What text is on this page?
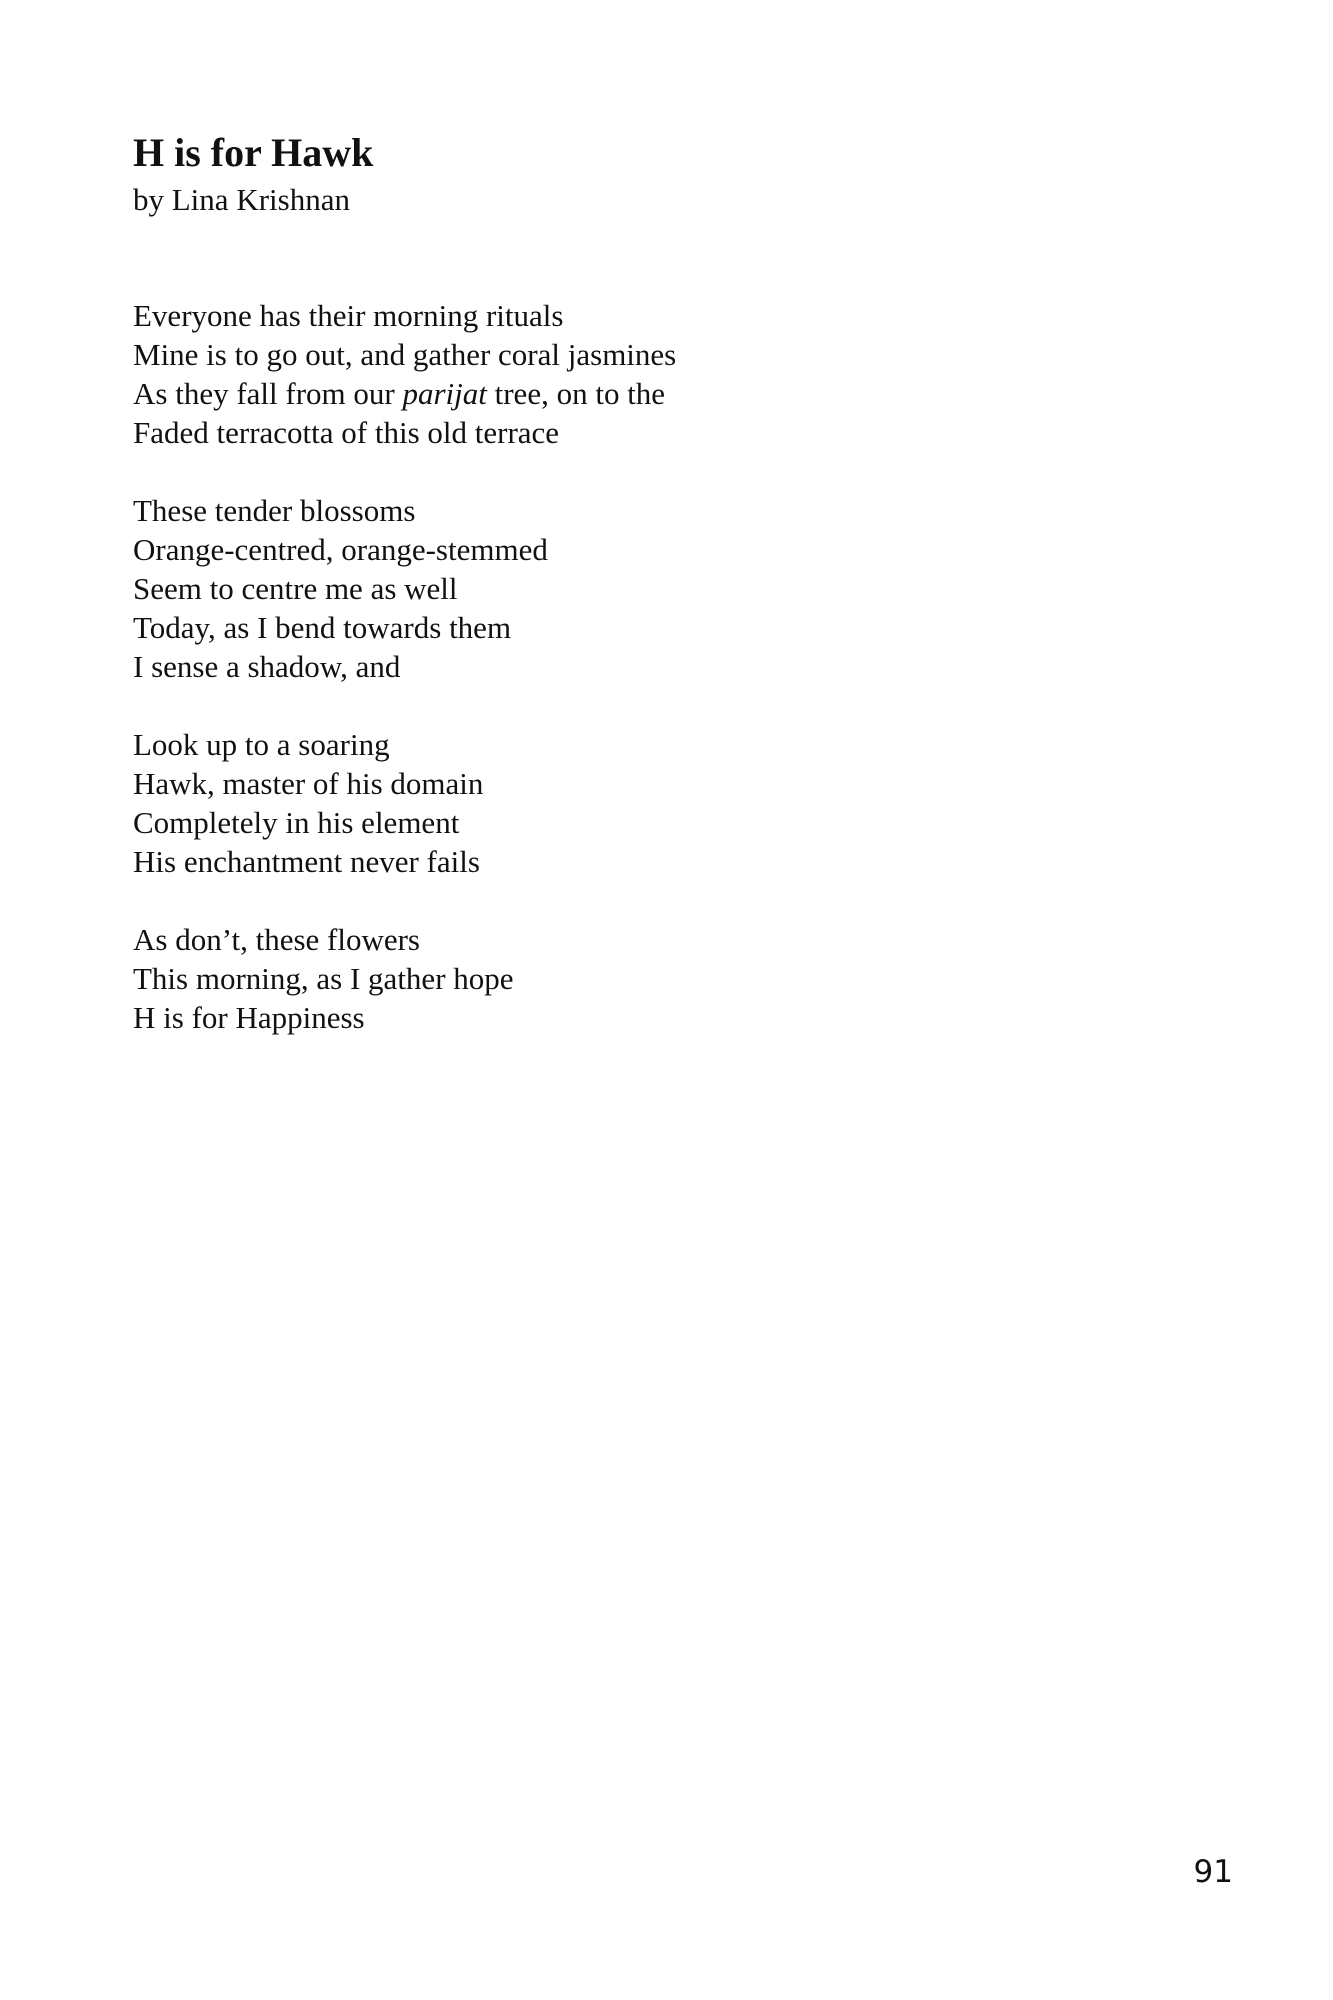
H is for Hawk

by Lina Krishnan

Everyone has their morning rituals
Mine is to go out, and gather coral jasmines
As they fall from our parijat tree, on to the
Faded terracotta of this old terrace
These tender blossoms
Orange-centred, orange-stemmed
Seem to centre me as well
Today, as I bend towards them
I sense a shadow, and
Look up to a soaring
Hawk, master of his domain
Completely in his element
His enchantment never fails
As don’t, these flowers
This morning, as I gather hope
H is for Happiness
91
